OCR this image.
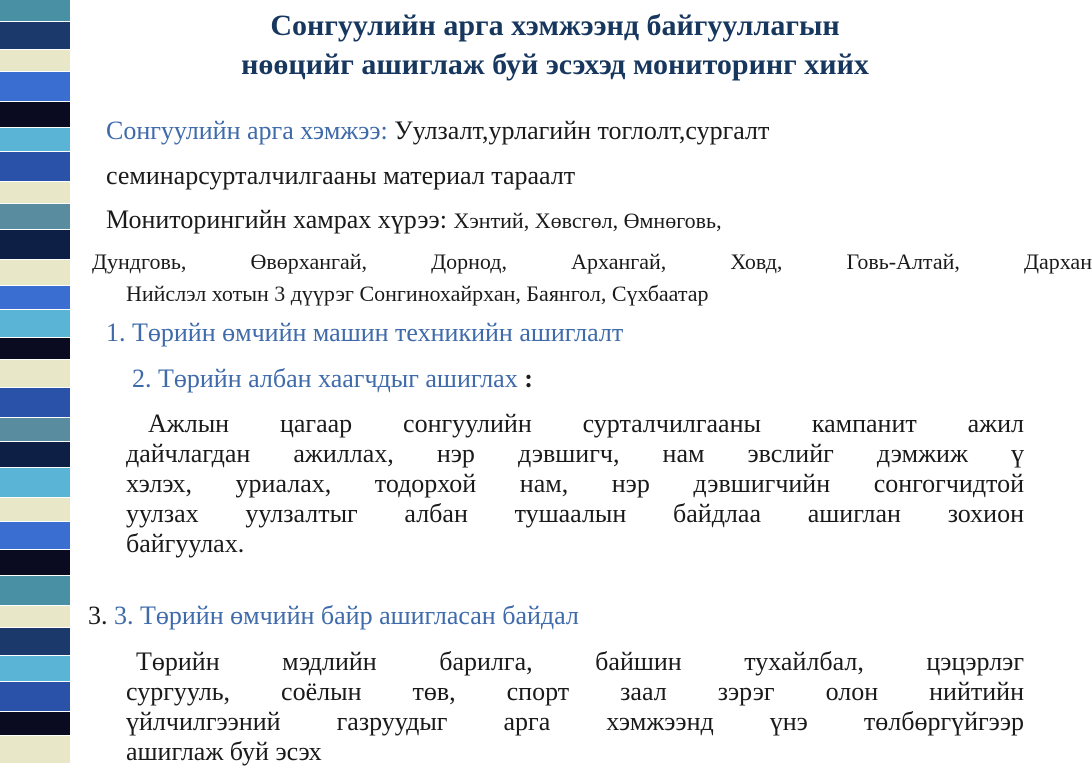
Сонгуулийн арга хэмжээнд байгууллагын
нөөцийг ашиглаж буй эсэхэд мониторинг хийх
Сонгуулийн арга хэмжээ: Уулзалт,урлагийн тоглолт,сургалт
семинарсурталчилгааны материал тараалт
Мониторингийн хамрах хүрээ: Хэнтий, Хөвсгөл, Өмнөговь,
Дундговь,	Өвөрхангай,	Дорнод,	Архангай,	Ховд,	Говь-Алтай,	Дархан
Нийслэл хотын 3 дүүрэг Сонгинохайрхан, Баянгол, Сүхбаатар
1. Төрийн өмчийн машин техникийн ашиглалт
2. Төрийн албан хаагчдыг ашиглах :
Ажлын цагаар сонгуулийн сурталчилгааны кампанит ажил
дайчлагдан ажиллах, нэр дэвшигч, нам эвслийг дэмжиж ү
хэлэх, уриалах, тодорхой нам, нэр дэвшигчийн сонгогчидтой
уулзах уулзалтыг албан тушаалын байдлаа ашиглан зохион
байгуулах.
3. 3. Төрийн өмчийн байр ашигласан байдал
Төрийн мэдлийн барилга, байшин тухайлбал, цэцэрлэг
сургууль, соёлын төв, спорт заал зэрэг олон нийтийн
үйлчилгээний газруудыг арга хэмжээнд үнэ төлбөргүйгээр
ашиглаж буй эсэх
